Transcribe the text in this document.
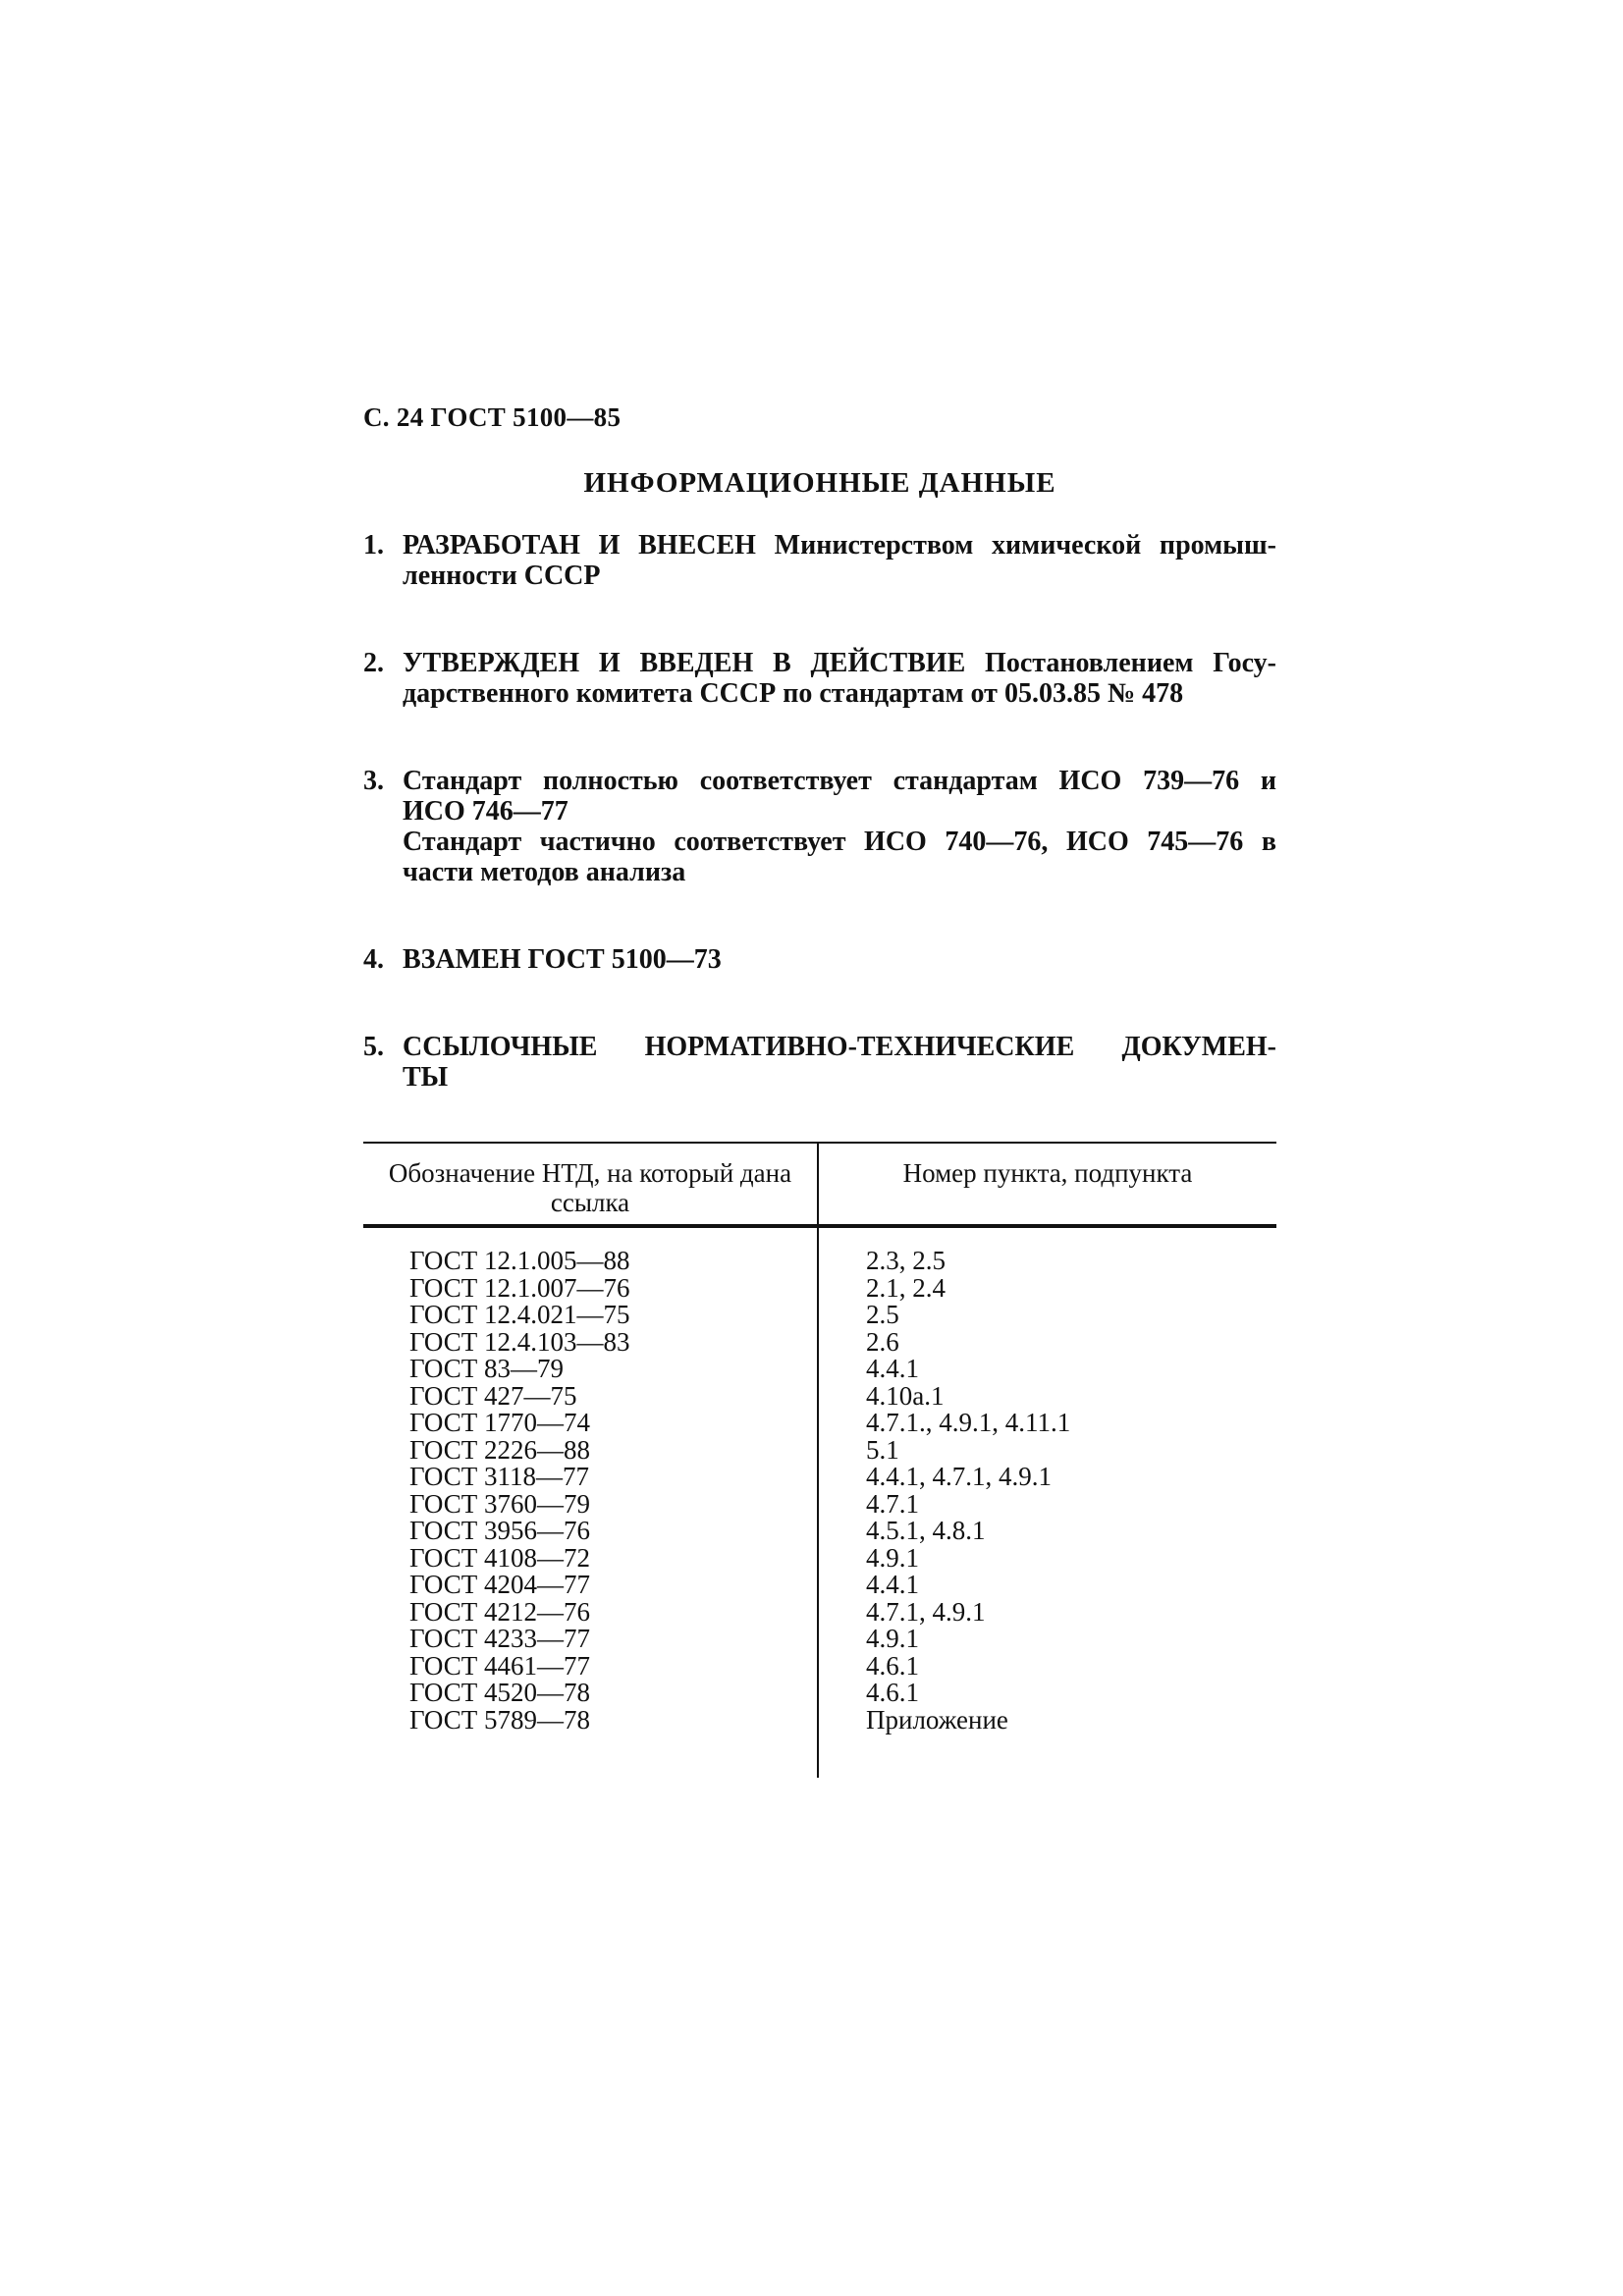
С. 24 ГОСТ 5100—85
ИНФОРМАЦИОННЫЕ ДАННЫЕ
1. РАЗРАБОТАН И ВНЕСЕН Министерством химической промыш-

ленности СССР

2. УТВЕРЖДЕН И ВВЕДЕН В ДЕЙСТВИЕ Постановлением Госу-

дарственного комитета СССР по стандартам от 05.03.85 № 478

3. Стандарт полностью соответствует стандартам ИСО 739—76 и

ИСО 746—77

Стандарт частично соответствует ИСО 740—76, ИСО 745—76 в

части методов анализа

4. ВЗАМЕН ГОСТ 5100—73

5. ССЫЛОЧНЫЕ НОРМАТИВНО-ТЕХНИЧЕСКИЕ ДОКУМЕН-

ТЫ

Обозначение НТД, на который дана ссылка
Номер пункта, подпункта
ГОСТ 12.1.005—88
ГОСТ 12.1.007—76
ГОСТ 12.4.021—75
ГОСТ 12.4.103—83
ГОСТ 83—79
ГОСТ 427—75
ГОСТ 1770—74
ГОСТ 2226—88
ГОСТ 3118—77
ГОСТ 3760—79
ГОСТ 3956—76
ГОСТ 4108—72
ГОСТ 4204—77
ГОСТ 4212—76
ГОСТ 4233—77
ГОСТ 4461—77
ГОСТ 4520—78
ГОСТ 5789—78
2.3, 2.5
2.1, 2.4
2.5
2.6
4.4.1
4.10а.1
4.7.1., 4.9.1, 4.11.1
5.1
4.4.1, 4.7.1, 4.9.1
4.7.1
4.5.1, 4.8.1
4.9.1
4.4.1
4.7.1, 4.9.1
4.9.1
4.6.1
4.6.1
Приложение
